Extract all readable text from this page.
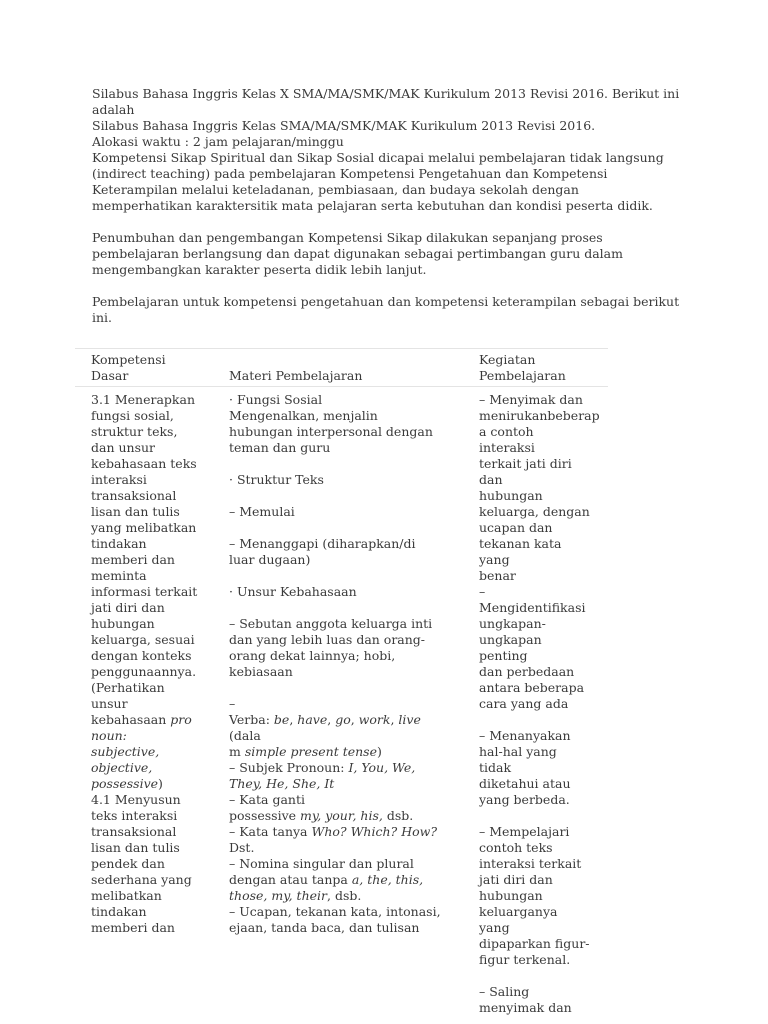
Silabus Bahasa Inggris Kelas X SMA/MA/SMK/MAK Kurikulum 2013 Revisi 2016. Berikut ini adalah

Silabus Bahasa Inggris Kelas SMA/MA/SMK/MAK Kurikulum 2013 Revisi 2016.

Alokasi waktu : 2 jam pelajaran/minggu

Kompetensi Sikap Spiritual dan Sikap Sosial dicapai melalui pembelajaran tidak langsung (indirect teaching) pada pembelajaran Kompetensi Pengetahuan dan Kompetensi Keterampilan melalui keteladanan, pembiasaan, dan budaya sekolah dengan memperhatikan karaktersitik mata pelajaran serta kebutuhan dan kondisi peserta didik.

Penumbuhan dan pengembangan Kompetensi Sikap dilakukan sepanjang proses pembelajaran berlangsung dan dapat digunakan sebagai pertimbangan guru dalam mengembangkan karakter peserta didik lebih lanjut.

Pembelajaran untuk kompetensi pengetahuan dan kompetensi keterampilan sebagai berikut ini.

Kompetensi
Dasar	Materi Pembelajaran
Kegiatan
Pembelajaran
3.1 Menerapkan
fungsi sosial,
struktur teks,
dan unsur
kebahasaan teks
interaksi
transaksional
lisan dan tulis
yang melibatkan
tindakan
memberi dan
meminta
informasi terkait
jati diri dan
hubungan
keluarga, sesuai
dengan konteks
penggunaannya.
(Perhatikan
unsur
kebahasaan pro
noun:
subjective,
objective,
possessive)
4.1 Menyusun
teks interaksi
transaksional
lisan dan tulis
pendek dan
sederhana yang
melibatkan
tindakan
memberi dan
· Fungsi Sosial
Mengenalkan, menjalin hubungan interpersonal dengan teman dan guru
· Struktur Teks
– Memulai
– Menanggapi (diharapkan/di luar dugaan)
· Unsur Kebahasaan
– Sebutan anggota keluarga inti dan yang lebih luas dan orang-orang dekat lainnya; hobi, kebiasaan
–
Verba: be, have, go, work, live (dala
m simple present tense)
– Subjek Pronoun: I, You, We,
They, He, She, It
– Kata ganti
possessive my, your, his, dsb.
– Kata tanya Who? Which? How?
Dst.
– Nomina singular dan plural
dengan atau tanpa a, the, this,
those, my, their, dsb.
– Ucapan, tekanan kata, intonasi,
ejaan, tanda baca, dan tulisan
– Menyimak dan
menirukanbeberap
a contoh interaksi
terkait jati diri dan
hubungan
keluarga, dengan
ucapan dan
tekanan kata yang
benar
–
Mengidentifikasi
ungkapan-
ungkapan penting
dan perbedaan
antara beberapa
cara yang ada
– Menanyakan
hal-hal yang tidak
diketahui atau
yang berbeda.
– Mempelajari
contoh teks
interaksi terkait
jati diri dan
hubungan
keluarganya yang
dipaparkan figur-
figur terkenal.
– Saling
menyimak dan
